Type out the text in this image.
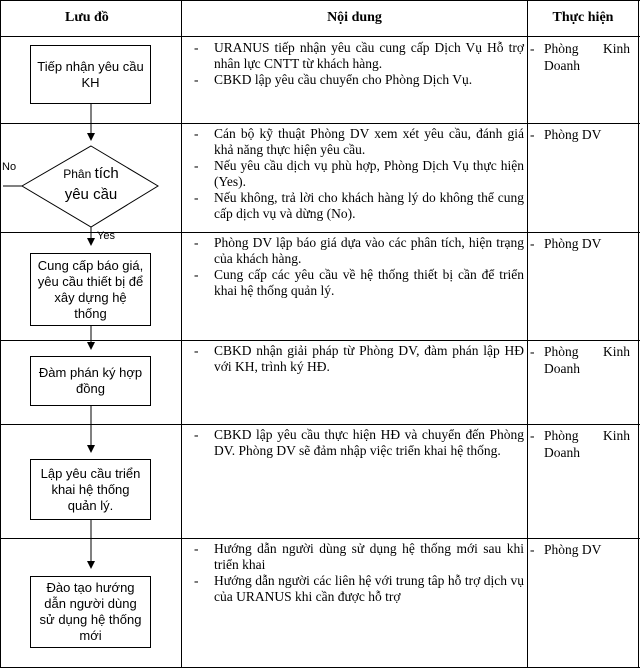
Lưu đồ	Nội dung	Thực hiện
Tiếp nhận yêu cầu KH
Phân tích
yêu cầu
No
Yes
Cung cấp báo giá, yêu cầu thiết bị để xây dựng hệ thống
Đàm phán ký hợp đồng
Lập yêu cầu triển khai hệ thống quản lý.
Đào tạo hướng dẫn người dùng sử dụng hệ thống mới
- URANUS tiếp nhận yêu cầu cung cấp Dịch Vụ Hỗ trợ nhân lực CNTT từ khách hàng.
- CBKD lập yêu cầu chuyển cho Phòng Dịch Vụ.
- Cán bộ kỹ thuật Phòng DV xem xét yêu cầu, đánh giá khả năng thực hiện yêu cầu.
- Nếu yêu cầu dịch vụ phù hợp, Phòng Dịch Vụ thực hiện (Yes).
- Nếu không, trả lời cho khách hàng lý do không thể cung cấp dịch vụ và dừng (No).
- Phòng DV lập báo giá dựa vào các phân tích, hiện trạng của khách hàng.
- Cung cấp các yêu cầu về hệ thống thiết bị cần để triển khai hệ thống quản lý.
- CBKD nhận giải pháp từ Phòng DV, đàm phán lập HĐ với KH, trình ký HĐ.
- CBKD lập yêu cầu thực hiện HĐ và chuyển đến Phòng DV. Phòng DV sẽ đảm nhập việc triển khai hệ thống.
- Hướng dẫn người dùng sử dụng hệ thống mới sau khi triển khai
- Hướng dẫn người các liên hệ với trung tâp hỗ trợ dịch vụ của URANUS khi cần được hỗ trợ
- Phòng Kinh Doanh
- Phòng DV
- Phòng DV
- Phòng Kinh Doanh
- Phòng Kinh Doanh
- Phòng DV
